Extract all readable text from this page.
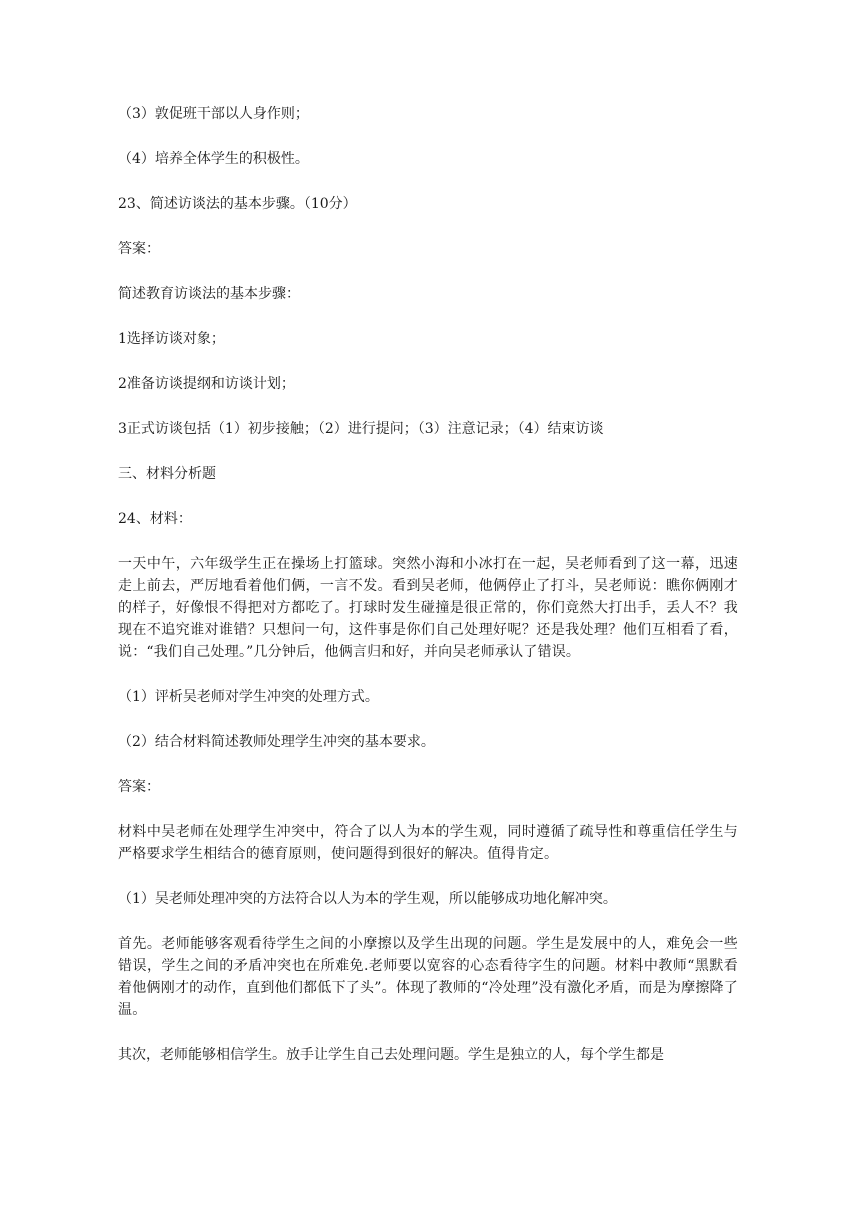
（3）敦促班干部以人身作则；

（4）培养全体学生的积极性。

23、简述访谈法的基本步骤。（10分）

答案：

简述教育访谈法的基本步骤：

1选择访谈对象；

2准备访谈提纲和访谈计划；

3正式访谈包括（1）初步接触；（2）进行提问；（3）注意记录；（4）结束访谈

三、材料分析题

24、材料：

一天中午，六年级学生正在操场上打篮球。突然小海和小冰打在一起，吴老师看到了这一幕，迅速走上前去，严厉地看着他们俩，一言不发。看到吴老师，他俩停止了打斗，吴老师说：瞧你俩刚才的样子，好像恨不得把对方都吃了。打球时发生碰撞是很正常的，你们竟然大打出手，丢人不？我现在不追究谁对谁错？只想问一句，这件事是你们自己处理好呢？还是我处理？他们互相看了看，说：“我们自己处理。”几分钟后，他俩言归和好，并向吴老师承认了错误。

（1）评析吴老师对学生冲突的处理方式。

（2）结合材料简述教师处理学生冲突的基本要求。

答案：

材料中吴老师在处理学生冲突中，符合了以人为本的学生观，同时遵循了疏导性和尊重信任学生与严格要求学生相结合的德育原则，使问题得到很好的解决。值得肯定。

（1）吴老师处理冲突的方法符合以人为本的学生观，所以能够成功地化解冲突。

首先。老师能够客观看待学生之间的小摩擦以及学生出现的问题。学生是发展中的人，难免会一些错误，学生之间的矛盾冲突也在所难免.老师要以宽容的心态看待字生的问题。材料中教师“黑默看着他俩刚才的动作，直到他们都低下了头”。体现了教师的“冷处理”没有激化矛盾，而是为摩擦降了温。

其次，老师能够相信学生。放手让学生自己去处理问题。学生是独立的人，每个学生都是
